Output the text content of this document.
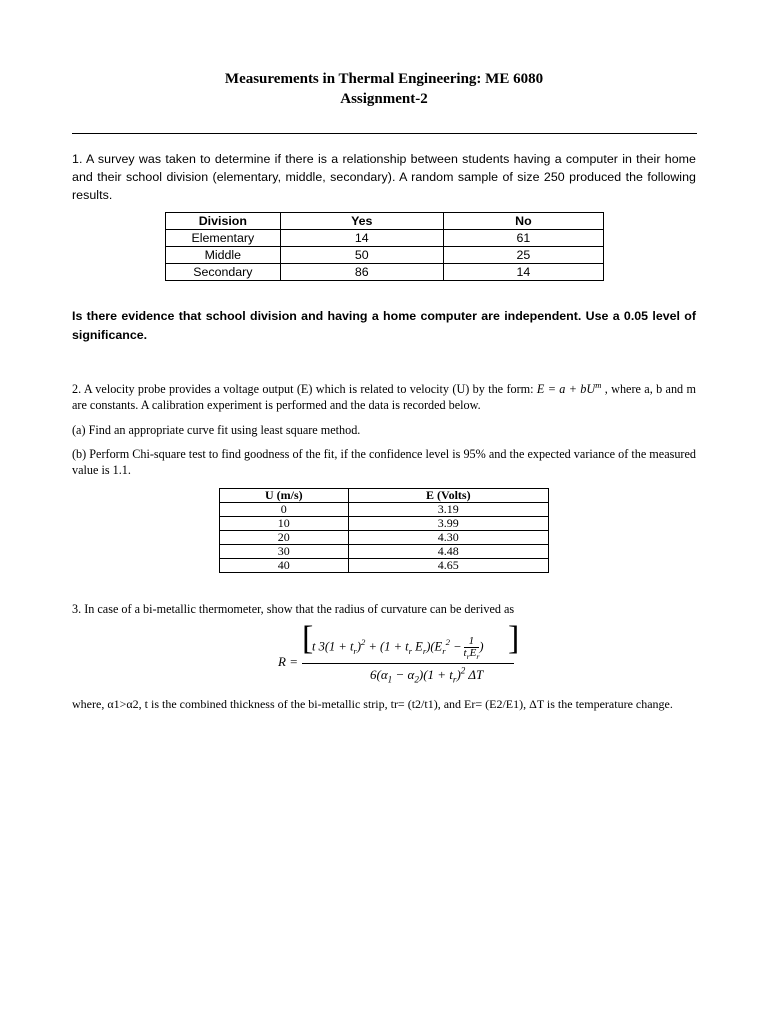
Measurements in Thermal Engineering: ME 6080
Assignment-2
1. A survey was taken to determine if there is a relationship between students having a computer in their home and their school division (elementary, middle, secondary). A random sample of size 250 produced the following results.
Division	Yes	No
Elementary	14	61
Middle	50	25
Secondary	86	14
Is there evidence that school division and having a home computer are independent. Use a 0.05 level of significance.
2. A velocity probe provides a voltage output (E) which is related to velocity (U) by the form: $E = a + bU^m$ , where a, b and m are constants. A calibration experiment is performed and the data is recorded below.
(a) Find an appropriate curve fit using least square method.
(b) Perform Chi-square test to find goodness of the fit, if the confidence level is 95% and the expected variance of the measured value is 1.1.
U (m/s)	E (Volts)
0	3.19
10	3.99
20	4.30
30	4.48
40	4.65
3. In case of a bi-metallic thermometer, show that the radius of curvature can be derived as
R =
[
t $3(1 + t_r)^2 + (1 + t_r$ $E_r)(E_r^2 - \frac{1}{t_rE_r}$ ) ]
$6(\alpha_1 - \alpha_2)(1 + t_r)^2$ ΔT
where, α1>α2, t is the combined thickness of the bi-metallic strip, tr= (t2/t1), and Er= (E2/E1), ΔT is the temperature change.
